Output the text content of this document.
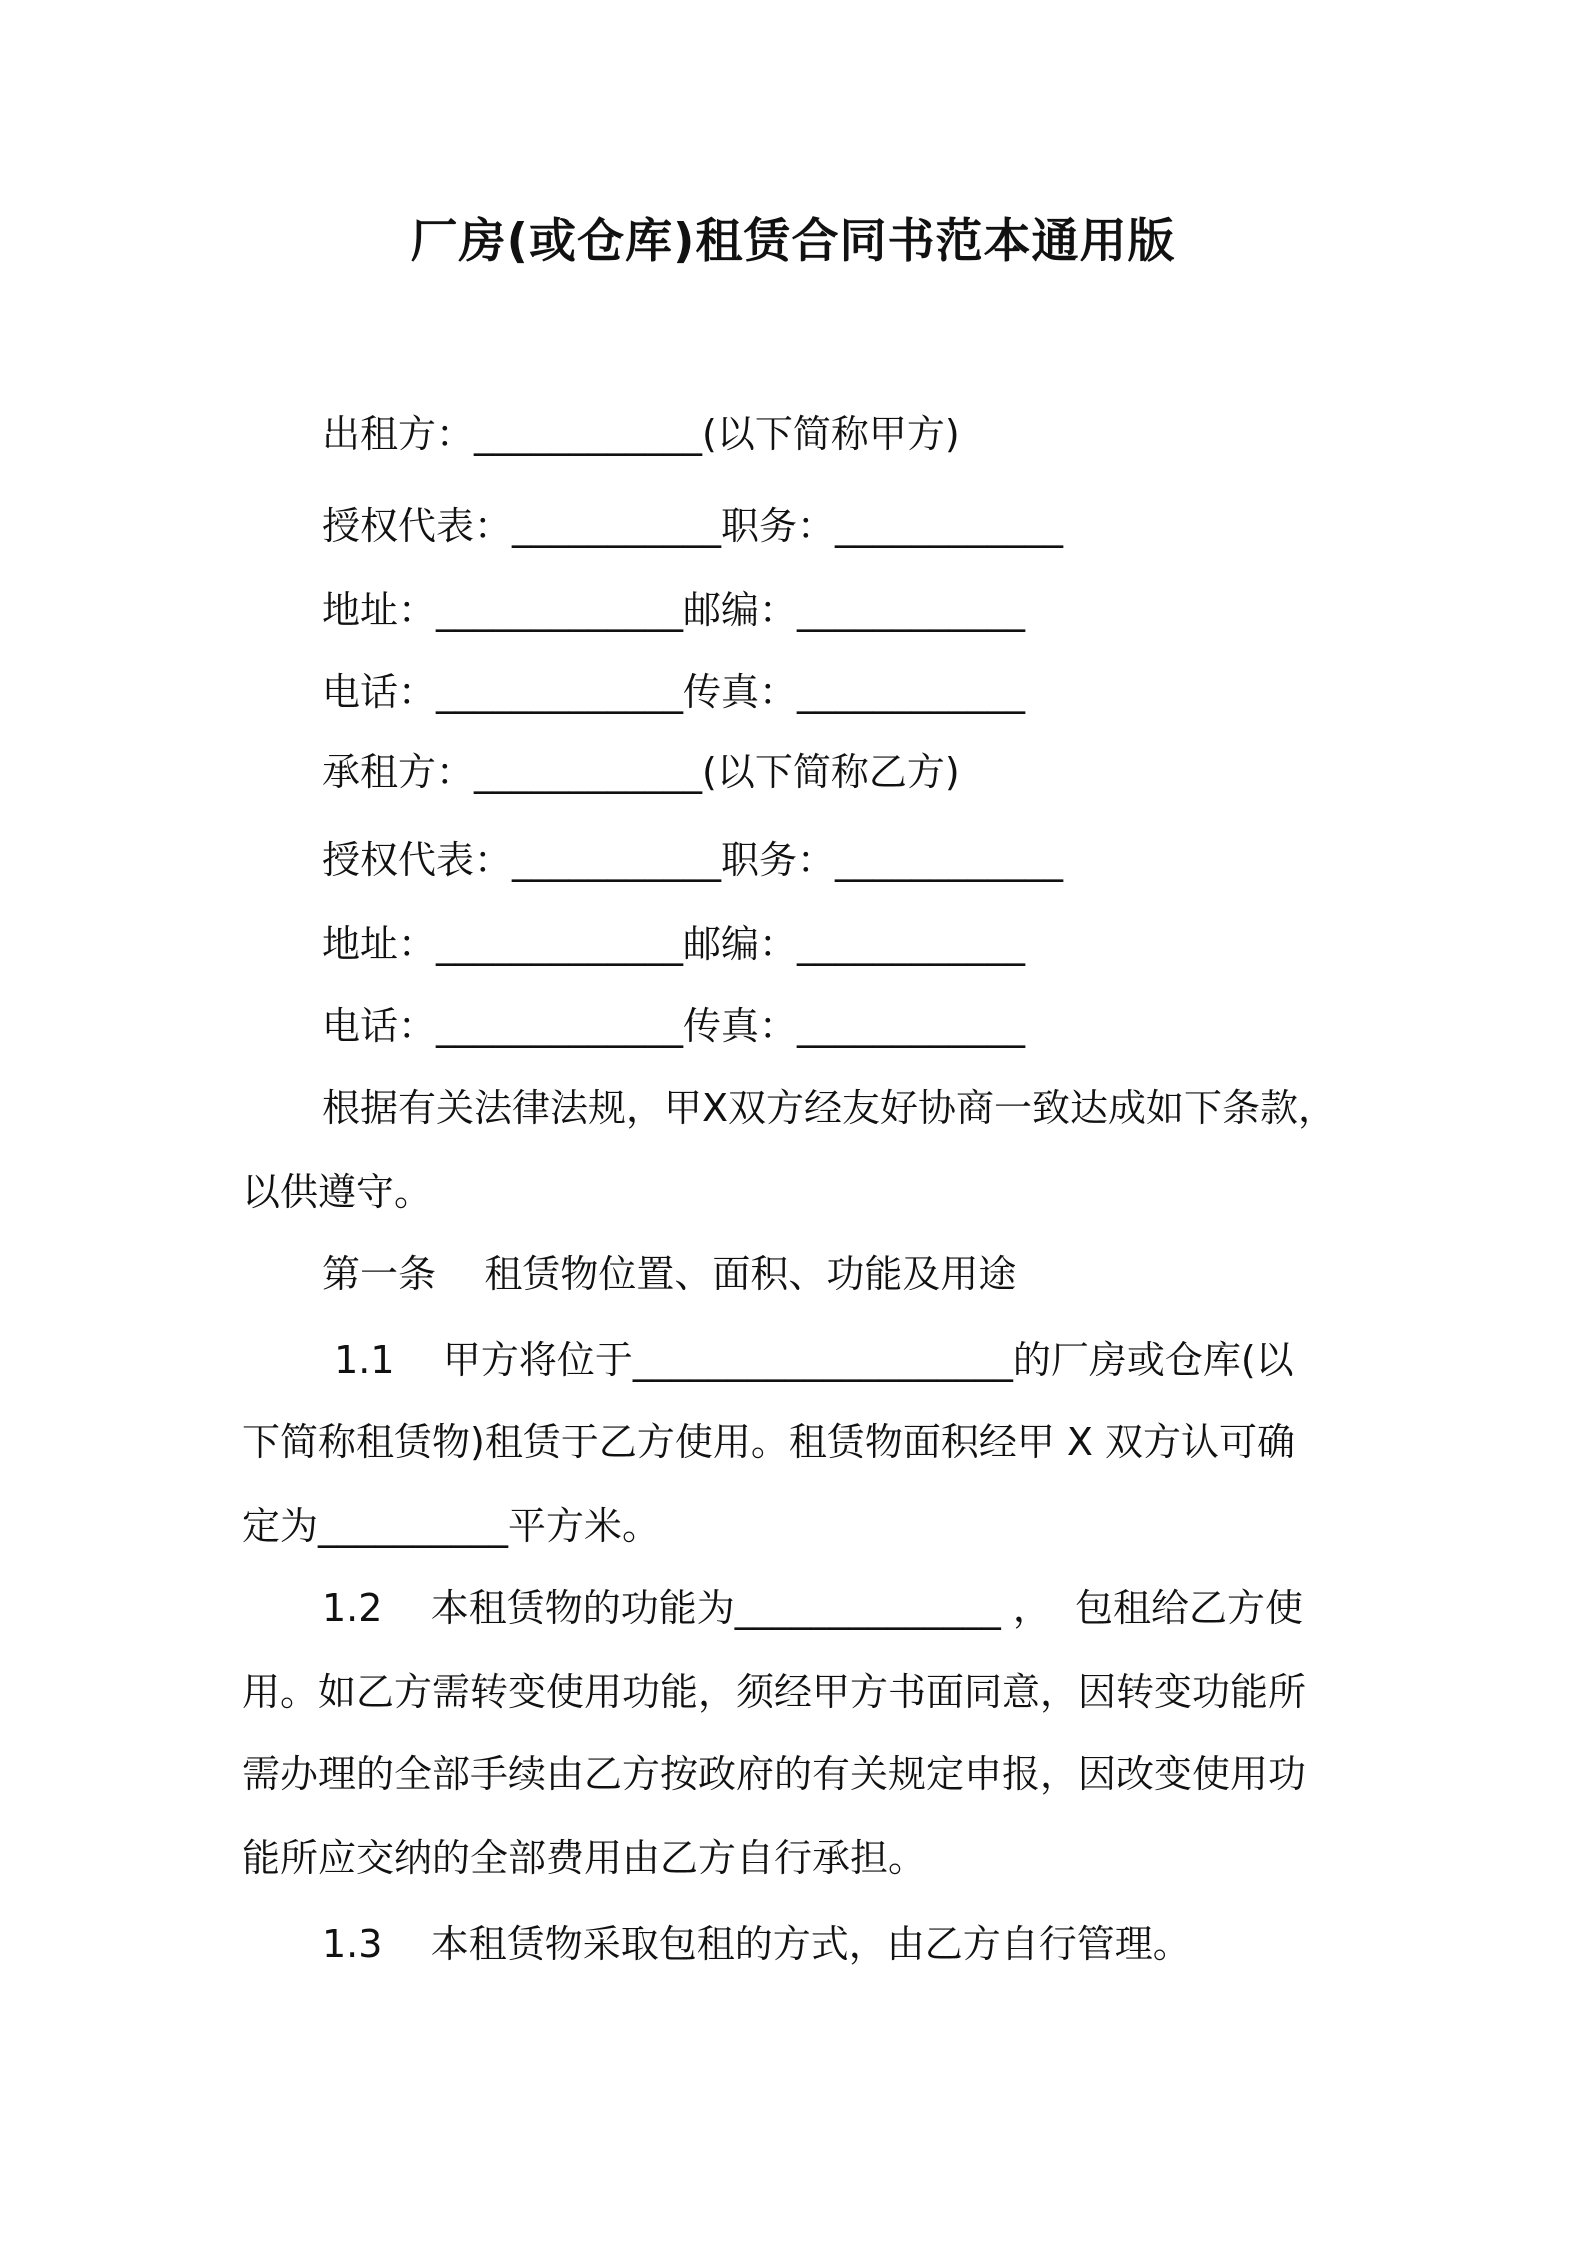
厂房(或仓库)租赁合同书范本通用版
出租方：____________(以下简称甲方)
授权代表：___________职务：____________
地址：_____________邮编：____________
电话：_____________传真：____________
承租方：____________(以下简称乙方)
授权代表：___________职务：____________
地址：_____________邮编：____________
电话：_____________传真：____________
根据有关法律法规，甲X双方经友好协商一致达成如下条款，
以供遵守。
第一条    租赁物位置、面积、功能及用途
1.1    甲方将位于____________________的厂房或仓库(以
下简称租赁物)租赁于乙方使用。租赁物面积经甲 X 双方认可确
定为__________平方米。
1.2    本租赁物的功能为______________ ，  包租给乙方使
用。如乙方需转变使用功能，须经甲方书面同意，因转变功能所
需办理的全部手续由乙方按政府的有关规定申报，因改变使用功
能所应交纳的全部费用由乙方自行承担。
1.3    本租赁物采取包租的方式，由乙方自行管理。
